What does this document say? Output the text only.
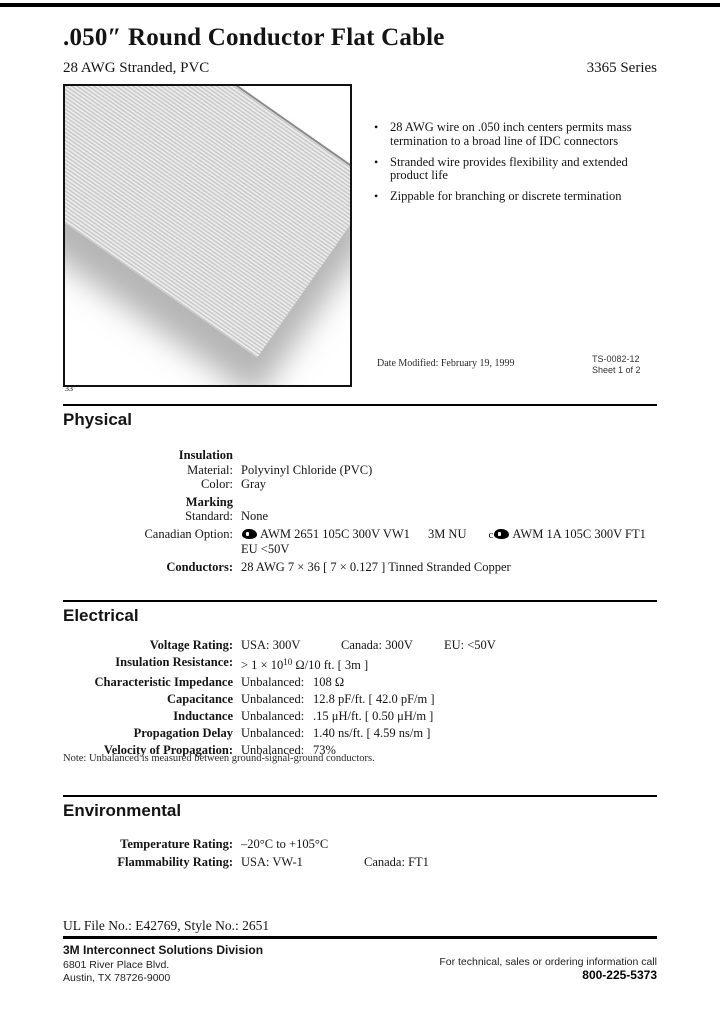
.050″ Round Conductor Flat Cable
28 AWG Stranded, PVC	3365 Series
33
•
28 AWG wire on .050 inch centers permits mass termination to a broad line of IDC connectors
•
Stranded wire provides flexibility and extended product life
•
Zippable for branching or discrete termination
Date Modified: February 19, 1999	TS-0082-12
Sheet 1 of 2
Physical
Insulation
Material: Polyvinyl Chloride (PVC)
Color: Gray
Marking
Standard: None
Canadian Option:	AWM 2651 105C 300V VW1 3M NU c AWM 1A 105C 300V FT1
EU <50V
Conductors: 28 AWG 7 × 36 [ 7 × 0.127 ] Tinned Stranded Copper
Electrical
Voltage Rating: USA: 300V	Canada: 300V EU: <50V
Insulation Resistance: > $1 \times 10^{10}$ Ω/10 ft. [ 3m ]
Characteristic Impedance Unbalanced: 108 Ω
Capacitance Unbalanced: 12.8 pF/ft. [ 42.0 pF/m ]
Inductance Unbalanced: .15 μH/ft. [ 0.50 μH/m ]
Propagation Delay Unbalanced: 1.40 ns/ft. [ 4.59 ns/m ]
Velocity of Propagation: Unbalanced: 73%
Note: Unbalanced is measured between ground-signal-ground conductors.
Environmental
Temperature Rating: –20°C to +105°C
Flammability Rating: USA: VW-1	Canada: FT1
UL File No.: E42769, Style No.: 2651
3M Interconnect Solutions Division
6801 River Place Blvd.
Austin, TX 78726-9000
For technical, sales or ordering information call
800-225-5373
